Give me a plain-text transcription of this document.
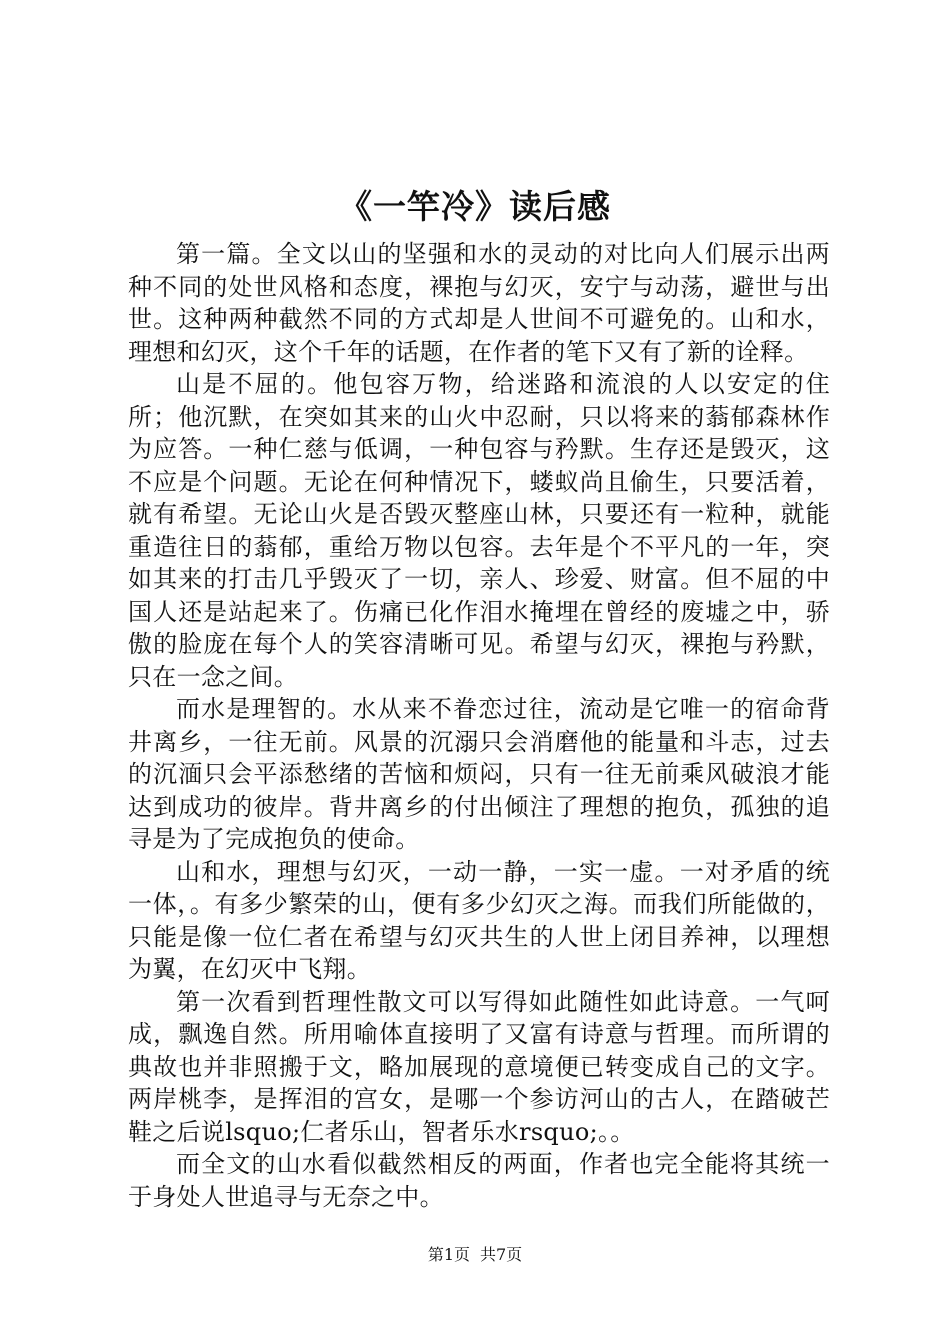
《一竿冷》读后感

第一篇。全文以山的坚强和水的灵动的对比向人们展示出两种不同的处世风格和态度，裸抱与幻灭，安宁与动荡，避世与出世。这种两种截然不同的方式却是人世间不可避免的。山和水，理想和幻灭，这个千年的话题，在作者的笔下又有了新的诠释。

山是不屈的。他包容万物，给迷路和流浪的人以安定的住所；他沉默，在突如其来的山火中忍耐，只以将来的蓊郁森林作为应答。一种仁慈与低调，一种包容与矜默。生存还是毁灭，这不应是个问题。无论在何种情况下，蝼蚁尚且偷生，只要活着，就有希望。无论山火是否毁灭整座山林，只要还有一粒种，就能重造往日的蓊郁，重给万物以包容。去年是个不平凡的一年，突如其来的打击几乎毁灭了一切，亲人、珍爱、财富。但不屈的中国人还是站起来了。伤痛已化作泪水掩埋在曾经的废墟之中，骄傲的脸庞在每个人的笑容清晰可见。希望与幻灭，裸抱与矜默，只在一念之间。

而水是理智的。水从来不眷恋过往，流动是它唯一的宿命背井离乡，一往无前。风景的沉溺只会消磨他的能量和斗志，过去的沉湎只会平添愁绪的苦恼和烦闷，只有一往无前乘风破浪才能达到成功的彼岸。背井离乡的付出倾注了理想的抱负，孤独的追寻是为了完成抱负的使命。

山和水，理想与幻灭，一动一静，一实一虚。一对矛盾的统一体，。有多少繁荣的山，便有多少幻灭之海。而我们所能做的，只能是像一位仁者在希望与幻灭共生的人世上闭目养神，以理想为翼，在幻灭中飞翔。

第一次看到哲理性散文可以写得如此随性如此诗意。一气呵成，飘逸自然。所用喻体直接明了又富有诗意与哲理。而所谓的典故也并非照搬于文，略加展现的意境便已转变成自己的文字。两岸桃李，是挥泪的宫女，是哪一个参访河山的古人，在踏破芒鞋之后说lsquo;仁者乐山，智者乐水rsquo;。。

而全文的山水看似截然相反的两面，作者也完全能将其统一于身处人世追寻与无奈之中。

第1页 共7页
